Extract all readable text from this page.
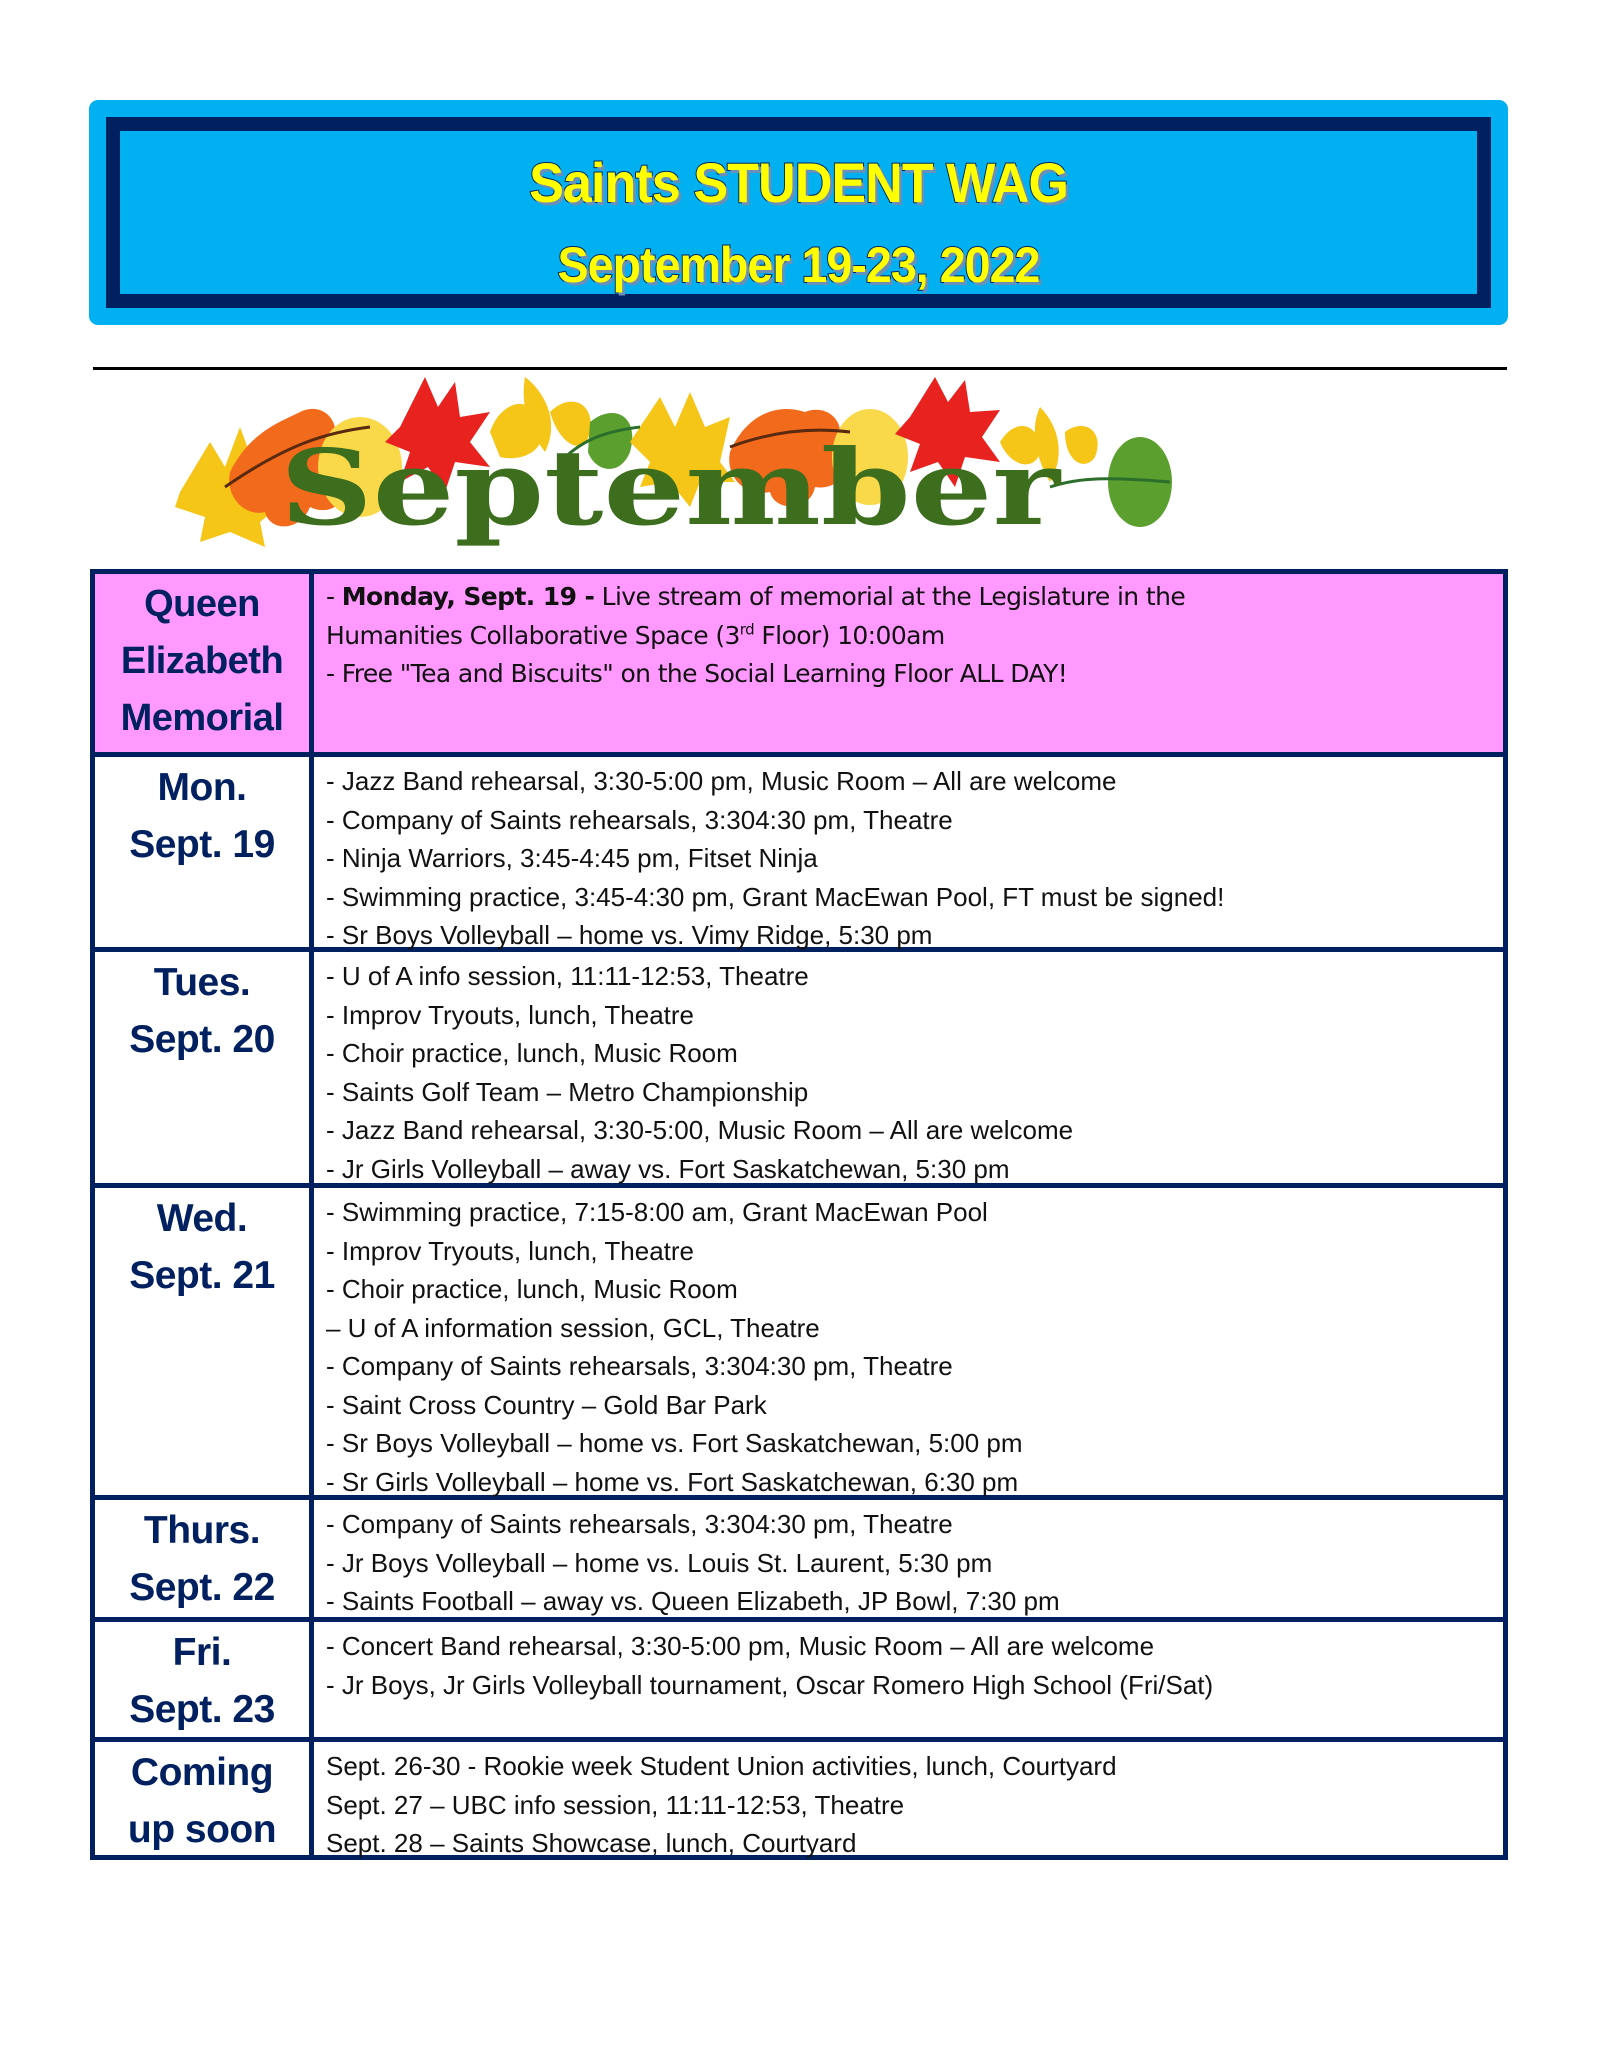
Saints STUDENT WAG
September 19-23, 2022
September
Queen
Elizabeth
Memorial
- Monday, Sept. 19 - Live stream of memorial at the Legislature in the
Humanities Collaborative Space (3rd Floor) 10:00am
- Free "Tea and Biscuits" on the Social Learning Floor ALL DAY!
Mon.
Sept. 19
- Jazz Band rehearsal, 3:30-5:00 pm, Music Room – All are welcome
- Company of Saints rehearsals, 3:304:30 pm, Theatre
- Ninja Warriors, 3:45-4:45 pm, Fitset Ninja
- Swimming practice, 3:45-4:30 pm, Grant MacEwan Pool, FT must be signed!
- Sr Boys Volleyball – home vs. Vimy Ridge, 5:30 pm
Tues.
Sept. 20
- U of A info session, 11:11-12:53, Theatre
- Improv Tryouts, lunch, Theatre
- Choir practice, lunch, Music Room
- Saints Golf Team – Metro Championship
- Jazz Band rehearsal, 3:30-5:00, Music Room – All are welcome
- Jr Girls Volleyball – away vs. Fort Saskatchewan, 5:30 pm
Wed.
Sept. 21
- Swimming practice, 7:15-8:00 am, Grant MacEwan Pool
- Improv Tryouts, lunch, Theatre
- Choir practice, lunch, Music Room
– U of A information session, GCL, Theatre
- Company of Saints rehearsals, 3:304:30 pm, Theatre
- Saint Cross Country – Gold Bar Park
- Sr Boys Volleyball – home vs. Fort Saskatchewan, 5:00 pm
- Sr Girls Volleyball – home vs. Fort Saskatchewan, 6:30 pm
Thurs.
Sept. 22
- Company of Saints rehearsals, 3:304:30 pm, Theatre
- Jr Boys Volleyball – home vs. Louis St. Laurent, 5:30 pm
- Saints Football – away vs. Queen Elizabeth, JP Bowl, 7:30 pm
Fri.
Sept. 23
- Concert Band rehearsal, 3:30-5:00 pm, Music Room – All are welcome
- Jr Boys, Jr Girls Volleyball tournament, Oscar Romero High School (Fri/Sat)
Coming
up soon
Sept. 26-30 - Rookie week Student Union activities, lunch, Courtyard
Sept. 27 – UBC info session, 11:11-12:53, Theatre
Sept. 28 – Saints Showcase, lunch, Courtyard
